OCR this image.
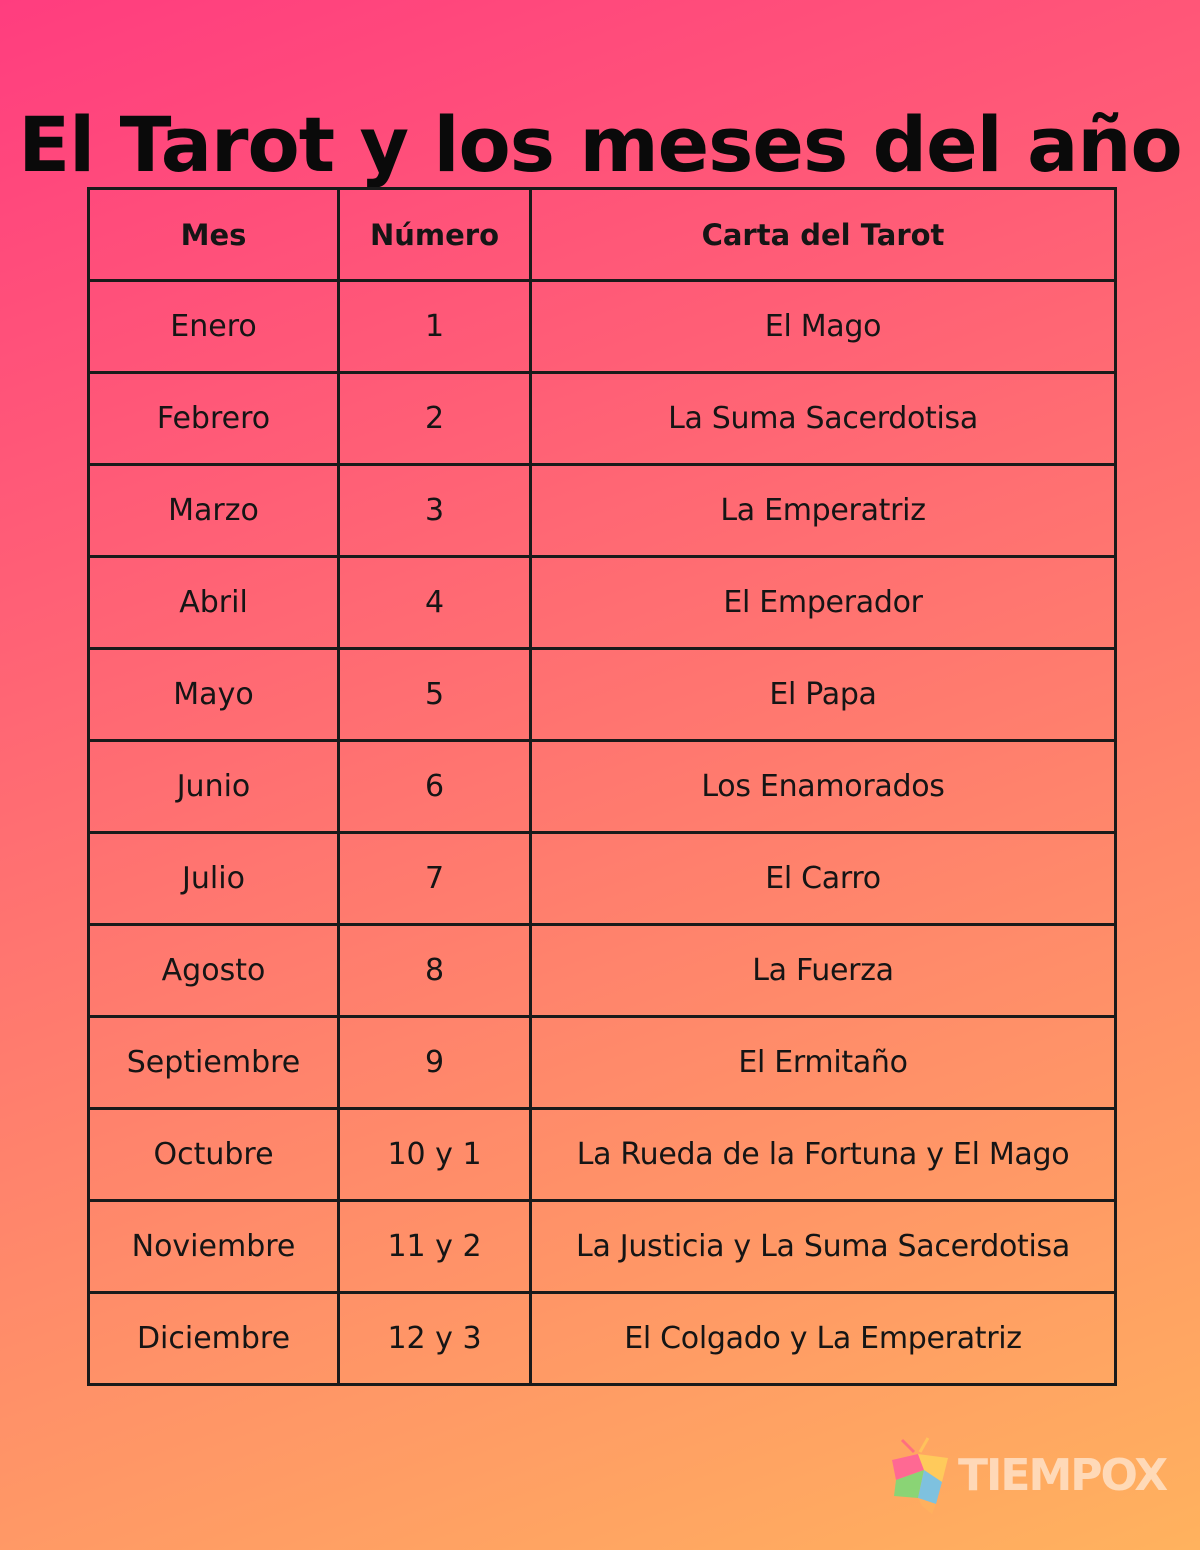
El Tarot y los meses del año
Mes	Número	Carta del Tarot
Enero	1	El Mago
Febrero	2	La Suma Sacerdotisa
Marzo	3	La Emperatriz
Abril	4	El Emperador
Mayo	5	El Papa
Junio	6	Los Enamorados
Julio	7	El Carro
Agosto	8	La Fuerza
Septiembre	9	El Ermitaño
Octubre	10 y 1	La Rueda de la Fortuna y El Mago
Noviembre	11 y 2	La Justicia y La Suma Sacerdotisa
Diciembre	12 y 3	El Colgado y La Emperatriz
TIEMPOX
